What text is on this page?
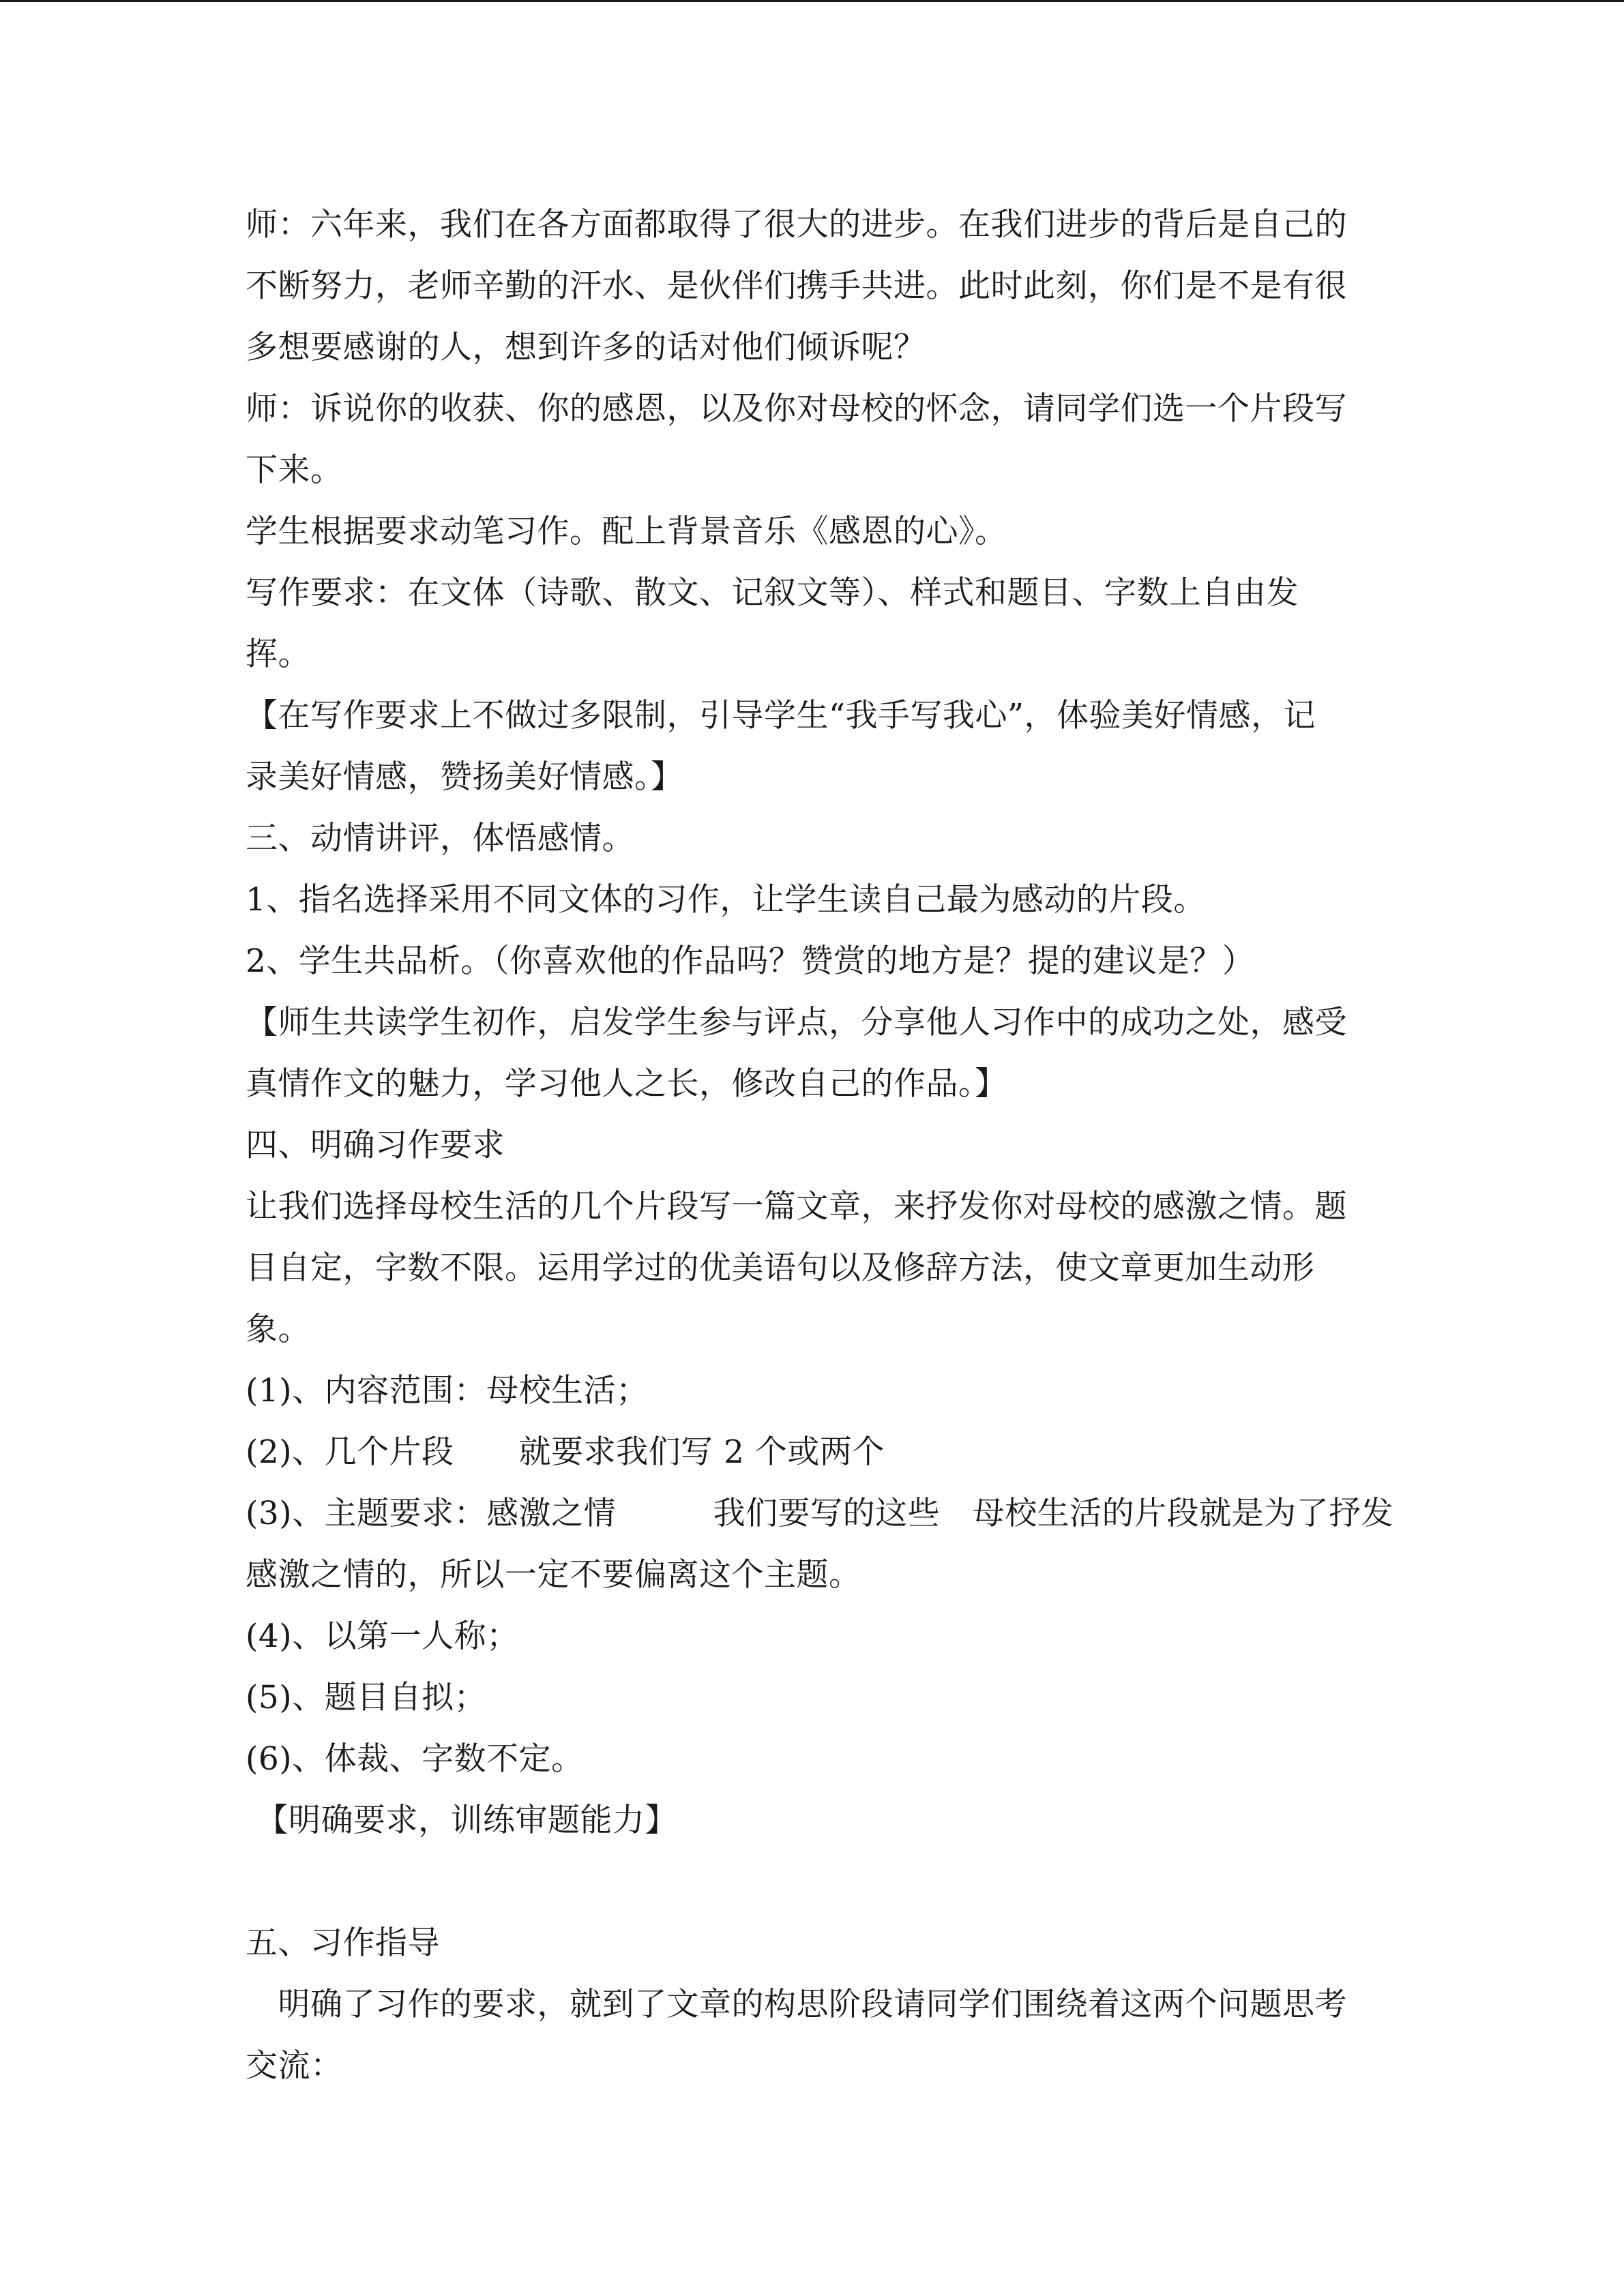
师：六年来，我们在各方面都取得了很大的进步。在我们进步的背后是自己的
不断努力，老师辛勤的汗水、是伙伴们携手共进。此时此刻，你们是不是有很
多想要感谢的人，想到许多的话对他们倾诉呢？
师：诉说你的收获、你的感恩，以及你对母校的怀念，请同学们选一个片段写
下来。
学生根据要求动笔习作。配上背景音乐《感恩的心》。
写作要求：在文体（诗歌、散文、记叙文等）、样式和题目、字数上自由发
挥。
【在写作要求上不做过多限制，引导学生“我手写我心”，体验美好情感，记
录美好情感，赞扬美好情感。】
三、动情讲评，体悟感情。
1、指名选择采用不同文体的习作，让学生读自己最为感动的片段。
2、学生共品析。（你喜欢他的作品吗？赞赏的地方是？提的建议是？）
【师生共读学生初作，启发学生参与评点，分享他人习作中的成功之处，感受
真情作文的魅力，学习他人之长，修改自己的作品。】
四、明确习作要求
让我们选择母校生活的几个片段写一篇文章，来抒发你对母校的感激之情。题
目自定，字数不限。运用学过的优美语句以及修辞方法，使文章更加生动形
象。
(1)、内容范围：母校生活；
(2)、几个片段　　就要求我们写 2 个或两个
(3)、主题要求：感激之情　　　我们要写的这些　母校生活的片段就是为了抒发
感激之情的，所以一定不要偏离这个主题。
(4)、以第一人称；
(5)、题目自拟；
(6)、体裁、字数不定。
【明确要求，训练审题能力】
五、习作指导
　明确了习作的要求，就到了文章的构思阶段请同学们围绕着这两个问题思考
交流：
